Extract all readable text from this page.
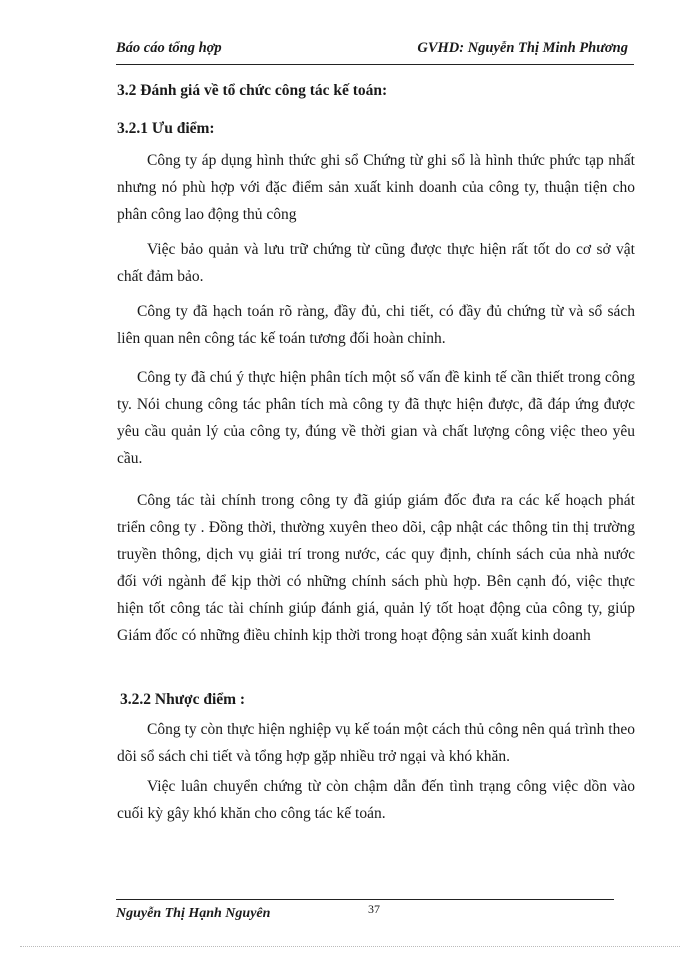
Báo cáo tổng hợp	GVHD: Nguyễn Thị Minh Phương

3.2 Đánh giá về tổ chức công tác kế toán:

3.2.1 Ưu điểm:

Công ty áp dụng hình thức ghi sổ Chứng từ ghi sổ là hình thức phức tạp nhất nhưng nó phù hợp với đặc điểm sản xuất kinh doanh của công ty, thuận tiện cho phân công lao động thủ công

Việc bảo quản và lưu trữ chứng từ cũng được thực hiện rất tốt do cơ sở vật chất đảm bảo.

Công ty đã hạch toán rõ ràng, đầy đủ, chi tiết, có đầy đủ chứng từ và sổ sách liên quan nên công tác kế toán tương đối hoàn chỉnh.

Công ty đã chú ý thực hiện phân tích một số vấn đề kinh tế cần thiết trong công ty. Nói chung công tác phân tích mà công ty đã thực hiện được, đã đáp ứng được yêu cầu quản lý của công ty, đúng về thời gian và chất lượng công việc theo yêu cầu.

Công tác tài chính trong công ty đã giúp giám đốc đưa ra các kế hoạch phát triển công ty . Đồng thời, thường xuyên theo dõi, cập nhật các thông tin thị trường truyền thông, dịch vụ giải trí trong nước, các quy định, chính sách của nhà nước đối với ngành để kịp thời có những chính sách phù hợp. Bên cạnh đó, việc thực hiện tốt công tác tài chính giúp đánh giá, quản lý tốt hoạt động của công ty, giúp Giám đốc có những điều chỉnh kịp thời trong hoạt động sản xuất kinh doanh

3.2.2 Nhược điểm :

Công ty còn thực hiện nghiệp vụ kế toán một cách thủ công nên quá trình theo dõi sổ sách chi tiết và tổng hợp gặp nhiều trở ngại và khó khăn.

Việc luân chuyển chứng từ còn chậm dẫn đến tình trạng công việc dồn vào cuối kỳ gây khó khăn cho công tác kế toán.

Nguyễn Thị Hạnh Nguyên	37
